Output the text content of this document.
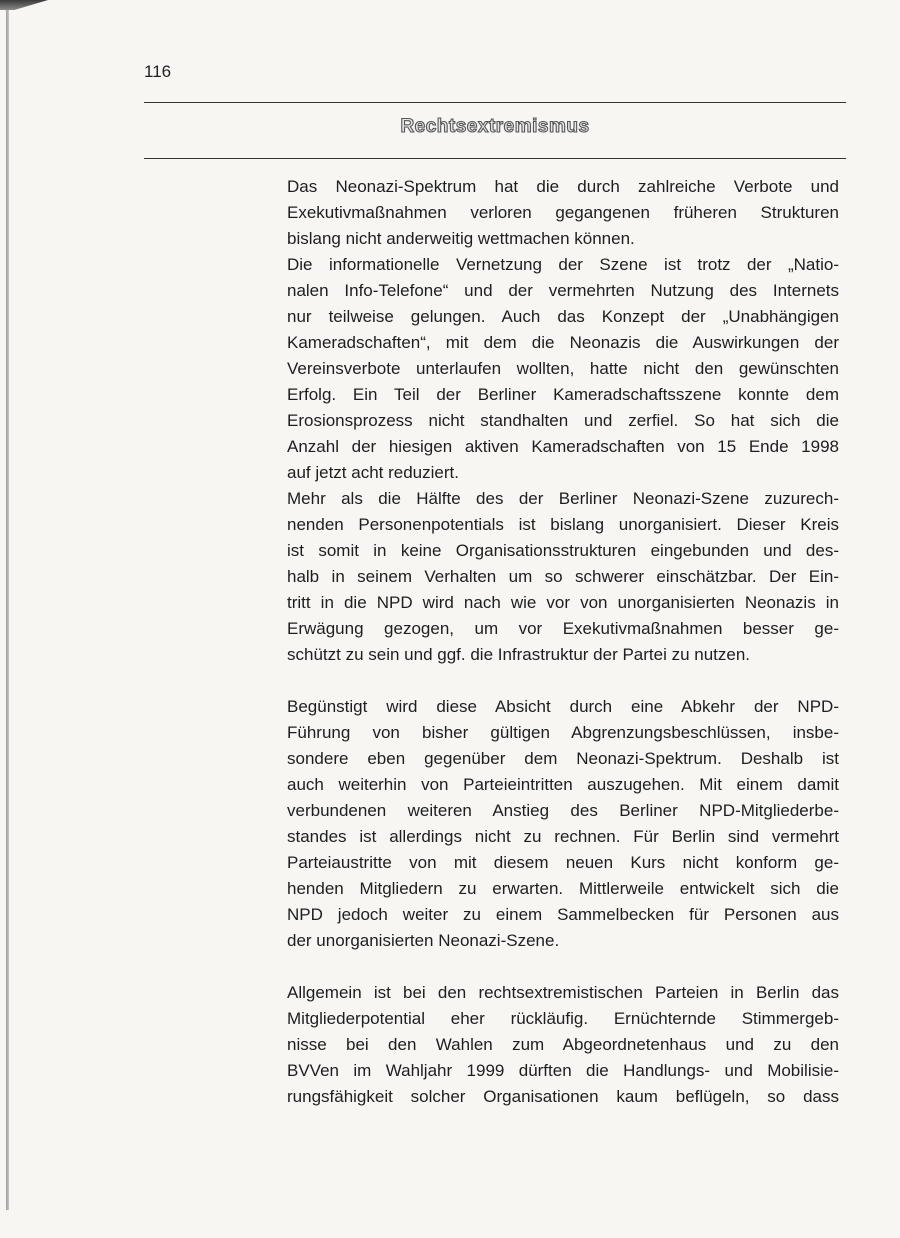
116
Rechtsextremismus
Das Neonazi-Spektrum hat die durch zahlreiche Verbote und
Exekutivmaßnahmen verloren gegangenen früheren Strukturen
bislang nicht anderweitig wettmachen können.
Die informationelle Vernetzung der Szene ist trotz der „Natio-
nalen Info-Telefone“ und der vermehrten Nutzung des Internets
nur teilweise gelungen. Auch das Konzept der „Unabhängigen
Kameradschaften“, mit dem die Neonazis die Auswirkungen der
Vereinsverbote unterlaufen wollten, hatte nicht den gewünschten
Erfolg. Ein Teil der Berliner Kameradschaftsszene konnte dem
Erosionsprozess nicht standhalten und zerfiel. So hat sich die
Anzahl der hiesigen aktiven Kameradschaften von 15 Ende 1998
auf jetzt acht reduziert.
Mehr als die Hälfte des der Berliner Neonazi-Szene zuzurech-
nenden Personenpotentials ist bislang unorganisiert. Dieser Kreis
ist somit in keine Organisationsstrukturen eingebunden und des-
halb in seinem Verhalten um so schwerer einschätzbar. Der Ein-
tritt in die NPD wird nach wie vor von unorganisierten Neonazis in
Erwägung gezogen, um vor Exekutivmaßnahmen besser ge-
schützt zu sein und ggf. die Infrastruktur der Partei zu nutzen.
Begünstigt wird diese Absicht durch eine Abkehr der NPD-
Führung von bisher gültigen Abgrenzungsbeschlüssen, insbe-
sondere eben gegenüber dem Neonazi-Spektrum. Deshalb ist
auch weiterhin von Parteieintritten auszugehen. Mit einem damit
verbundenen weiteren Anstieg des Berliner NPD-Mitgliederbe-
standes ist allerdings nicht zu rechnen. Für Berlin sind vermehrt
Parteiaustritte von mit diesem neuen Kurs nicht konform ge-
henden Mitgliedern zu erwarten. Mittlerweile entwickelt sich die
NPD jedoch weiter zu einem Sammelbecken für Personen aus
der unorganisierten Neonazi-Szene.
Allgemein ist bei den rechtsextremistischen Parteien in Berlin das
Mitgliederpotential eher rückläufig. Ernüchternde Stimmergeb-
nisse bei den Wahlen zum Abgeordnetenhaus und zu den
BVVen im Wahljahr 1999 dürften die Handlungs- und Mobilisie-
rungsfähigkeit solcher Organisationen kaum beflügeln, so dass
